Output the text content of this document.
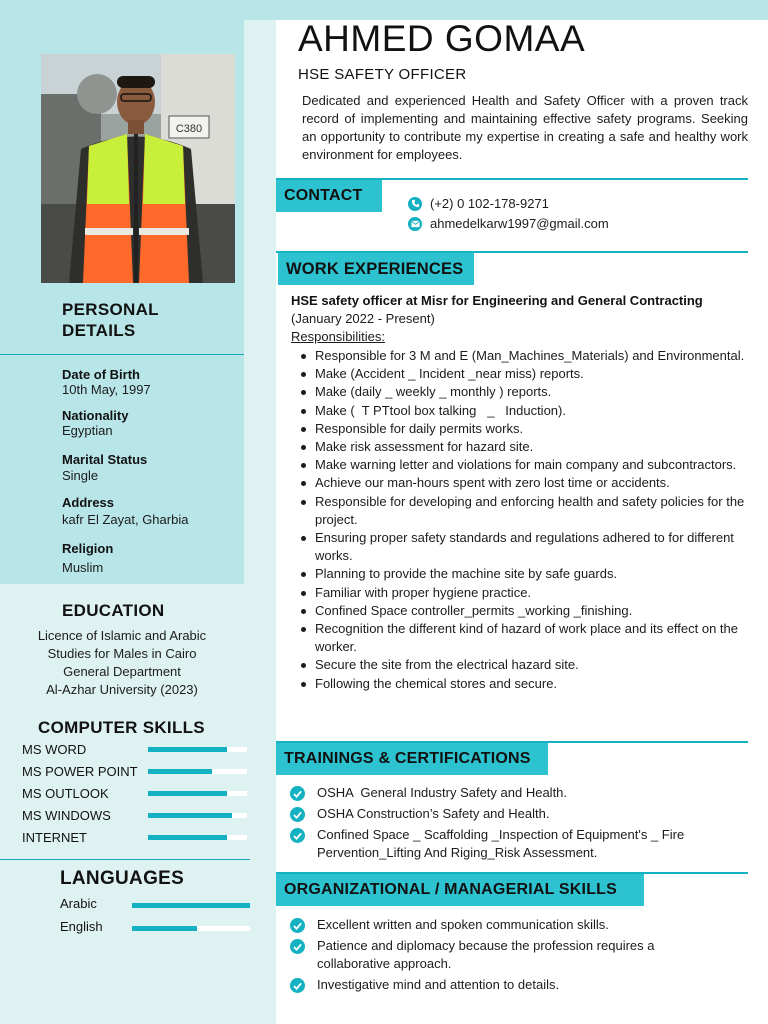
C380
PERSONAL
DETAILS
Date of Birth
10th May, 1997
Nationality
Egyptian
Marital Status
Single
Address
kafr El Zayat, Gharbia
Religion
Muslim
EDUCATION
Licence of Islamic and Arabic
Studies for Males in Cairo
General Department
Al-Azhar University (2023)
COMPUTER SKILLS
MS WORD
MS POWER POINT
MS OUTLOOK
MS WINDOWS
INTERNET
LANGUAGES
Arabic
English
AHMED GOMAA
HSE SAFETY OFFICER
Dedicated and experienced Health and Safety Officer with a proven track record of implementing and maintaining effective safety programs. Seeking an opportunity to contribute my expertise in creating a safe and healthy work environment for employees.
CONTACT	(+2) 0 102-178-9271
ahmedelkarw1997@gmail.com
WORK EXPERIENCES
HSE safety officer at Misr for Engineering and General Contracting
(January 2022 - Present)
Responsibilities:
Responsible for 3 M and E (Man_Machines_Materials) and Environmental.
Make (Accident _ Incident _near miss) reports.
Make (daily _ weekly _ monthly ) reports.
Make (  T PTtool box talking   _   Induction).
Responsible for daily permits works.
Make risk assessment for hazard site.
Make warning letter and violations for main company and subcontractors.
Achieve our man-hours spent with zero lost time or accidents.
Responsible for developing and enforcing health and safety policies for the project.
Ensuring proper safety standards and regulations adhered to for different works.
Planning to provide the machine site by safe guards.
Familiar with proper hygiene practice.
Confined Space controller_permits _working _finishing.
Recognition the different kind of hazard of work place and its effect on the worker.
Secure the site from the electrical hazard site.
Following the chemical stores and secure.
TRAININGS & CERTIFICATIONS
OSHA  General Industry Safety and Health.
OSHA Construction’s Safety and Health.
Confined Space _ Scaffolding _Inspection of Equipment's _ Fire Pervention_Lifting And Riging_Risk Assessment.
ORGANIZATIONAL / MANAGERIAL SKILLS
Excellent written and spoken communication skills.
Patience and diplomacy because the profession requires a collaborative approach.
Investigative mind and attention to details.
